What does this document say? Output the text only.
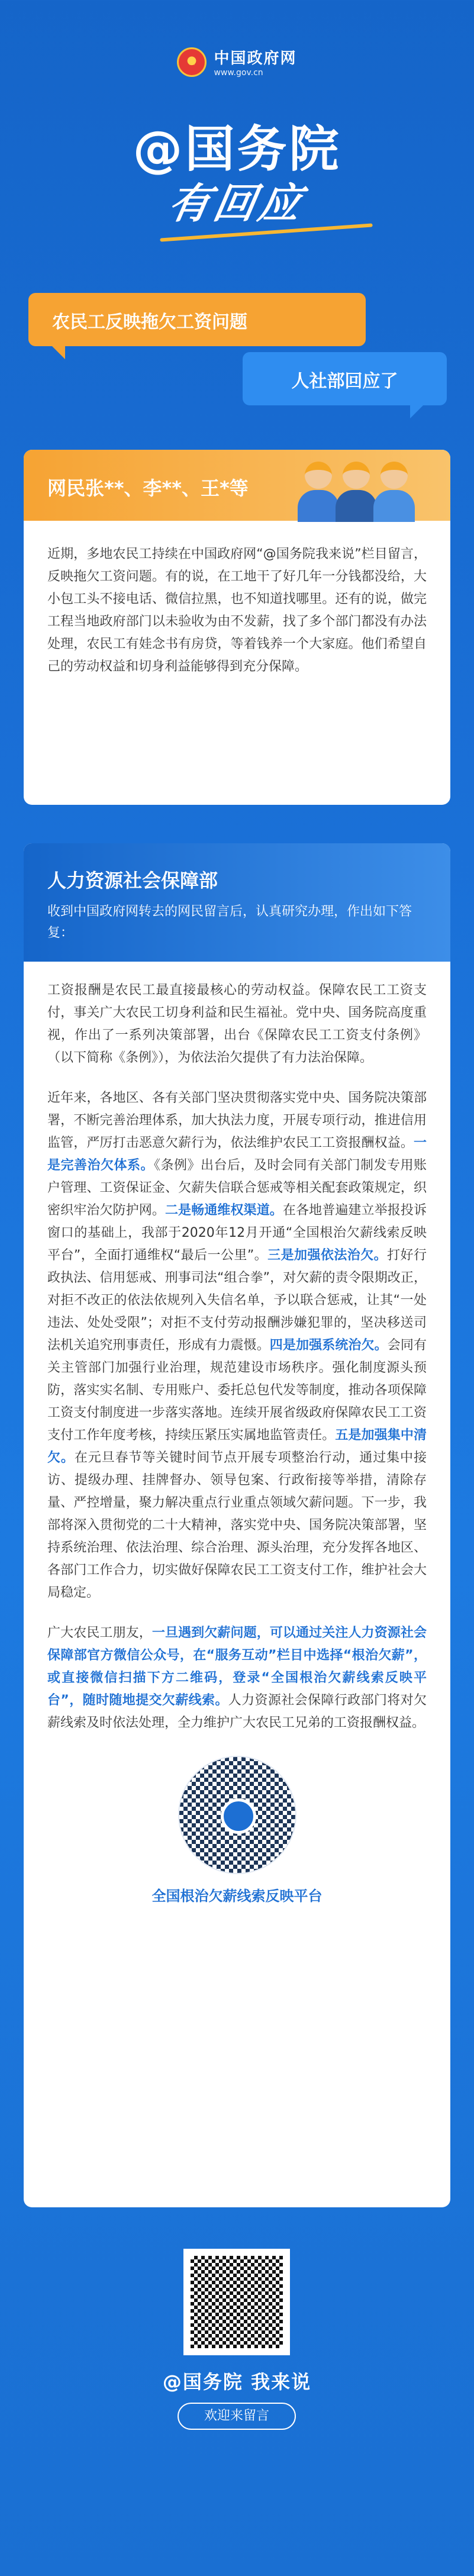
★	中国政府网
www.gov.cn
@国务院
有回应
农民工反映拖欠工资问题
人社部回应了
网民张**、李**、王*等
近期，多地农民工持续在中国政府网“@国务院我来说”栏目留言，反映拖欠工资问题。有的说，在工地干了好几年一分钱都没给，大小包工头不接电话、微信拉黑，也不知道找哪里。还有的说，做完工程当地政府部门以未验收为由不发薪，找了多个部门都没有办法处理，农民工有娃念书有房贷，等着钱养一个大家庭。他们希望自己的劳动权益和切身利益能够得到充分保障。
人力资源社会保障部
收到中国政府网转去的网民留言后，认真研究办理，作出如下答复：

工资报酬是农民工最直接最核心的劳动权益。保障农民工工资支付，事关广大农民工切身利益和民生福祉。党中央、国务院高度重视，作出了一系列决策部署，出台《保障农民工工资支付条例》（以下简称《条例》），为依法治欠提供了有力法治保障。

近年来，各地区、各有关部门坚决贯彻落实党中央、国务院决策部署，不断完善治理体系，加大执法力度，开展专项行动，推进信用监管，严厉打击恶意欠薪行为，依法维护农民工工资报酬权益。一是完善治欠体系。《条例》出台后，及时会同有关部门制发专用账户管理、工资保证金、欠薪失信联合惩戒等相关配套政策规定，织密织牢治欠防护网。二是畅通维权渠道。在各地普遍建立举报投诉窗口的基础上，我部于2020年12月开通“全国根治欠薪线索反映平台”，全面打通维权“最后一公里”。三是加强依法治欠。打好行政执法、信用惩戒、刑事司法“组合拳”，对欠薪的责令限期改正，对拒不改正的依法依规列入失信名单，予以联合惩戒，让其“一处违法、处处受限”；对拒不支付劳动报酬涉嫌犯罪的，坚决移送司法机关追究刑事责任，形成有力震慑。四是加强系统治欠。会同有关主管部门加强行业治理，规范建设市场秩序。强化制度源头预防，落实实名制、专用账户、委托总包代发等制度，推动各项保障工资支付制度进一步落实落地。连续开展省级政府保障农民工工资支付工作年度考核，持续压紧压实属地监管责任。五是加强集中清欠。在元旦春节等关键时间节点开展专项整治行动，通过集中接访、提级办理、挂牌督办、领导包案、行政衔接等举措，清除存量、严控增量，聚力解决重点行业重点领域欠薪问题。下一步，我部将深入贯彻党的二十大精神，落实党中央、国务院决策部署，坚持系统治理、依法治理、综合治理、源头治理，充分发挥各地区、各部门工作合力，切实做好保障农民工工资支付工作，维护社会大局稳定。

广大农民工朋友，一旦遇到欠薪问题，可以通过关注人力资源社会保障部官方微信公众号，在“服务互动”栏目中选择“根治欠薪”，或直接微信扫描下方二维码，登录“全国根治欠薪线索反映平台”，随时随地提交欠薪线索。人力资源社会保障行政部门将对欠薪线索及时依法处理，全力维护广大农民工兄弟的工资报酬权益。

全国根治欠薪线索反映平台
@国务院 我来说
欢迎来留言
